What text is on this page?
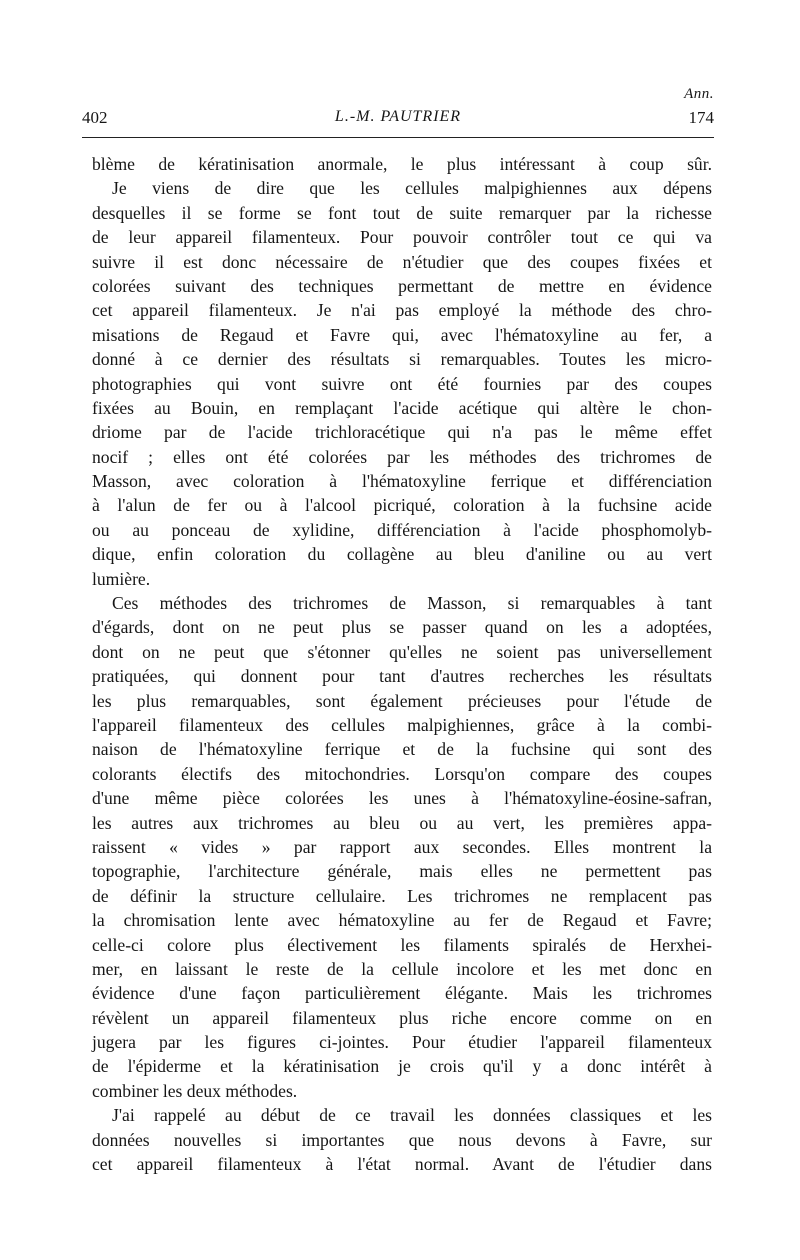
Ann.
402	L.-M. PAUTRIER	174
blème de kératinisation anormale, le plus intéressant à coup sûr.
Je viens de dire que les cellules malpighiennes aux dépens
desquelles il se forme se font tout de suite remarquer par la richesse
de leur appareil filamenteux. Pour pouvoir contrôler tout ce qui va
suivre il est donc nécessaire de n'étudier que des coupes fixées et
colorées suivant des techniques permettant de mettre en évidence
cet appareil filamenteux. Je n'ai pas employé la méthode des chro-
misations de Regaud et Favre qui, avec l'hématoxyline au fer, a
donné à ce dernier des résultats si remarquables. Toutes les micro-
photographies qui vont suivre ont été fournies par des coupes
fixées au Bouin, en remplaçant l'acide acétique qui altère le chon-
driome par de l'acide trichloracétique qui n'a pas le même effet
nocif ; elles ont été colorées par les méthodes des trichromes de
Masson, avec coloration à l'hématoxyline ferrique et différenciation
à l'alun de fer ou à l'alcool picriqué, coloration à la fuchsine acide
ou au ponceau de xylidine, différenciation à l'acide phosphomolyb-
dique, enfin coloration du collagène au bleu d'aniline ou au vert
lumière.
Ces méthodes des trichromes de Masson, si remarquables à tant
d'égards, dont on ne peut plus se passer quand on les a adoptées,
dont on ne peut que s'étonner qu'elles ne soient pas universellement
pratiquées, qui donnent pour tant d'autres recherches les résultats
les plus remarquables, sont également précieuses pour l'étude de
l'appareil filamenteux des cellules malpighiennes, grâce à la combi-
naison de l'hématoxyline ferrique et de la fuchsine qui sont des
colorants électifs des mitochondries. Lorsqu'on compare des coupes
d'une même pièce colorées les unes à l'hématoxyline-éosine-safran,
les autres aux trichromes au bleu ou au vert, les premières appa-
raissent « vides » par rapport aux secondes. Elles montrent la
topographie, l'architecture générale, mais elles ne permettent pas
de définir la structure cellulaire. Les trichromes ne remplacent pas
la chromisation lente avec hématoxyline au fer de Regaud et Favre;
celle-ci colore plus électivement les filaments spiralés de Herxhei-
mer, en laissant le reste de la cellule incolore et les met donc en
évidence d'une façon particulièrement élégante. Mais les trichromes
révèlent un appareil filamenteux plus riche encore comme on en
jugera par les figures ci-jointes. Pour étudier l'appareil filamenteux
de l'épiderme et la kératinisation je crois qu'il y a donc intérêt à
combiner les deux méthodes.
J'ai rappelé au début de ce travail les données classiques et les
données nouvelles si importantes que nous devons à Favre, sur
cet appareil filamenteux à l'état normal. Avant de l'étudier dans
